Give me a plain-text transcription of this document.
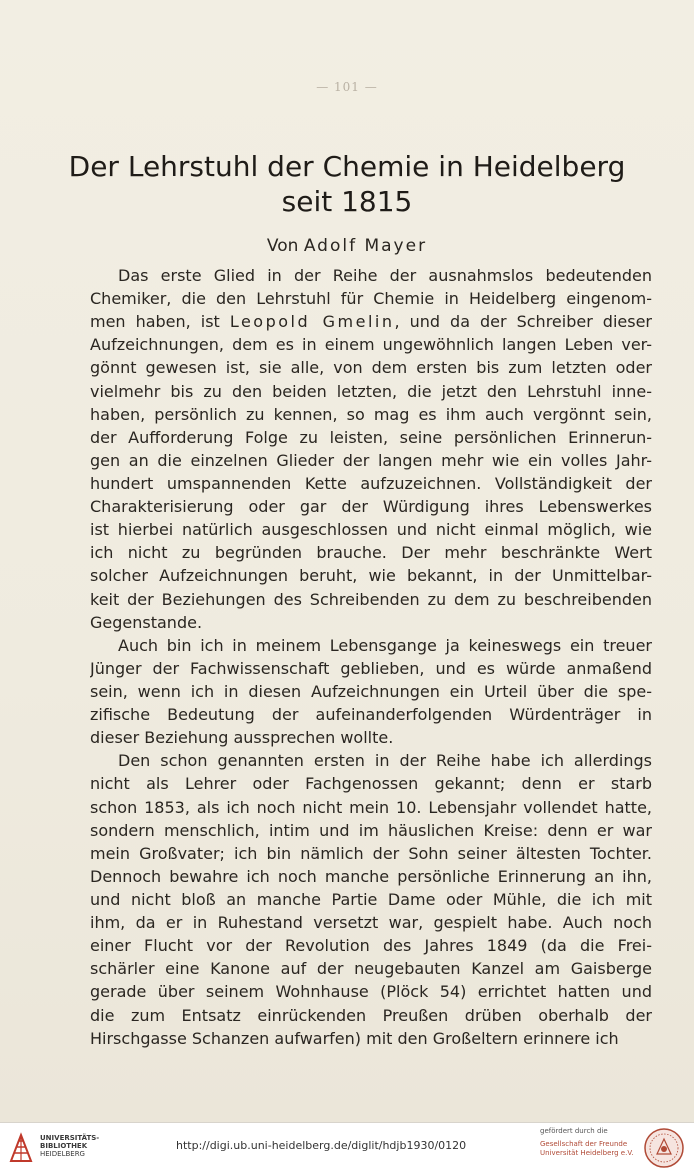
— 101 —
Der Lehrstuhl der Chemie in Heidelberg
seit 1815
Von Adolf Mayer
Das erste Glied in der Reihe der ausnahmslos bedeutenden
Chemiker, die den Lehrstuhl für Chemie in Heidelberg eingenom-
men haben, ist Leopold Gmelin, und da der Schreiber dieser
Aufzeichnungen, dem es in einem ungewöhnlich langen Leben ver-
gönnt gewesen ist, sie alle, von dem ersten bis zum letzten oder
vielmehr bis zu den beiden letzten, die jetzt den Lehrstuhl inne-
haben, persönlich zu kennen, so mag es ihm auch vergönnt sein,
der Aufforderung Folge zu leisten, seine persönlichen Erinnerun-
gen an die einzelnen Glieder der langen mehr wie ein volles Jahr-
hundert umspannenden Kette aufzuzeichnen. Vollständigkeit der
Charakterisierung oder gar der Würdigung ihres Lebenswerkes
ist hierbei natürlich ausgeschlossen und nicht einmal möglich, wie
ich nicht zu begründen brauche. Der mehr beschränkte Wert
solcher Aufzeichnungen beruht, wie bekannt, in der Unmittelbar-
keit der Beziehungen des Schreibenden zu dem zu beschreibenden
Gegenstande.
Auch bin ich in meinem Lebensgange ja keineswegs ein treuer
Jünger der Fachwissenschaft geblieben, und es würde anmaßend
sein, wenn ich in diesen Aufzeichnungen ein Urteil über die spe-
zifische Bedeutung der aufeinanderfolgenden Würdenträger in
dieser Beziehung aussprechen wollte.
Den schon genannten ersten in der Reihe habe ich allerdings
nicht als Lehrer oder Fachgenossen gekannt; denn er starb
schon 1853, als ich noch nicht mein 10. Lebensjahr vollendet hatte,
sondern menschlich, intim und im häuslichen Kreise: denn er war
mein Großvater; ich bin nämlich der Sohn seiner ältesten Tochter.
Dennoch bewahre ich noch manche persönliche Erinnerung an ihn,
und nicht bloß an manche Partie Dame oder Mühle, die ich mit
ihm, da er in Ruhestand versetzt war, gespielt habe. Auch noch
einer Flucht vor der Revolution des Jahres 1849 (da die Frei-
schärler eine Kanone auf der neugebauten Kanzel am Gaisberge
gerade über seinem Wohnhause (Plöck 54) errichtet hatten und
die zum Entsatz einrückenden Preußen drüben oberhalb der
Hirschgasse Schanzen aufwarfen) mit den Großeltern erinnere ich
UNIVERSITÄTS-
BIBLIOTHEK
HEIDELBERG
http://digi.ub.uni-heidelberg.de/diglit/hdjb1930/0120
gefördert durch die
Gesellschaft der Freunde
Universität Heidelberg e.V.
